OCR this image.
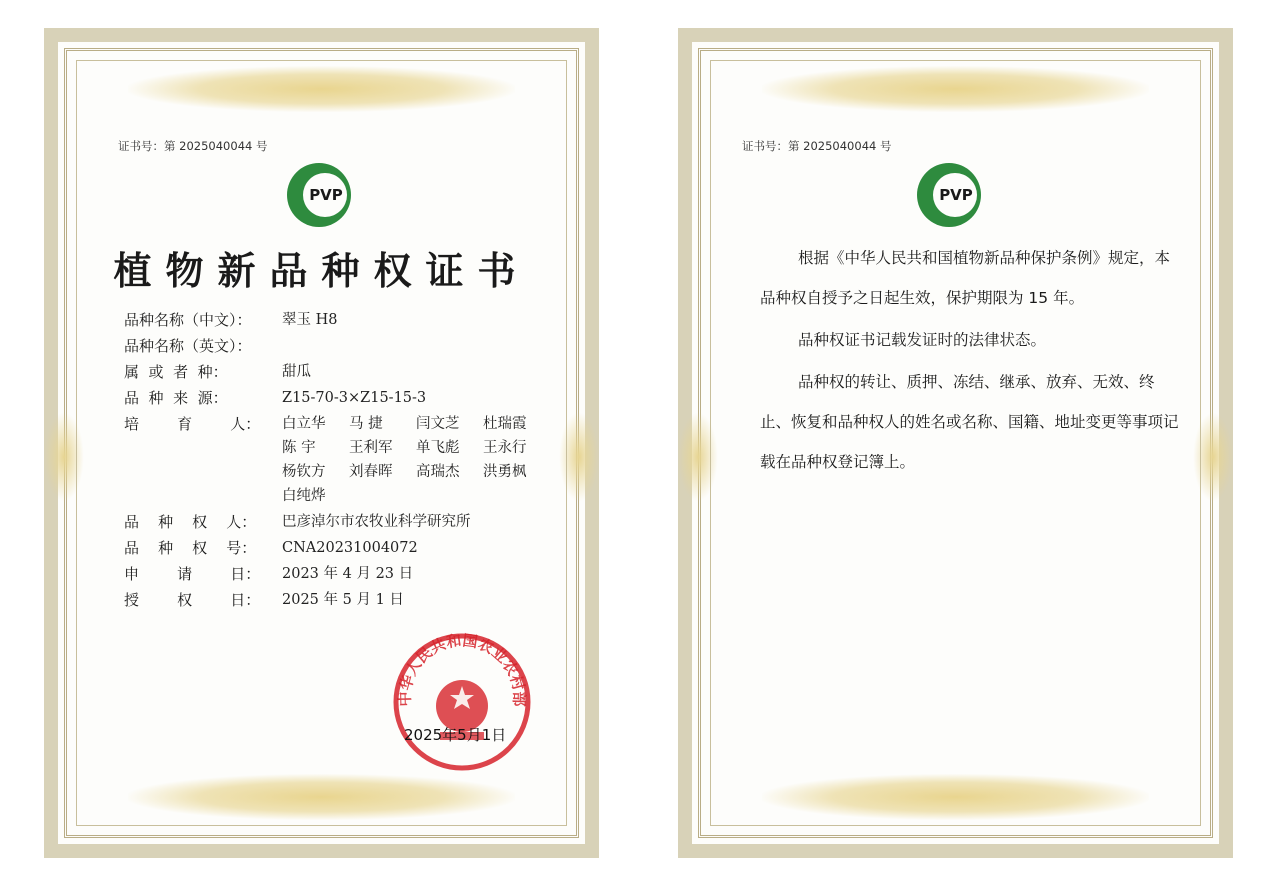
证书号：第 2025040044 号
PVP
植物新品种权证书
品种名称（中文）：	翠玉 H8
品种名称（英文）：
属  或  者  种：	甜瓜
品  种  来  源：	Z15-70-3×Z15-15-3
培        育        人：	白立华	马 捷	闫文芝	杜瑞霞
陈 宇	王利军	单飞彪	王永行
杨钦方	刘春晖	高瑞杰	洪勇枫
白纯烨
品    种    权    人：	巴彦淖尔市农牧业科学研究所
品    种    权    号：	CNA20231004072
申        请        日：	2023 年 4 月 23 日
授        权        日：	2025 年 5 月 1 日
中华人民共和国农业农村部
2025年5月1日
证书号：第 2025040044 号
PVP

根据《中华人民共和国植物新品种保护条例》规定，本品种权自授予之日起生效，保护期限为 15 年。

品种权证书记载发证时的法律状态。

品种权的转让、质押、冻结、继承、放弃、无效、终止、恢复和品种权人的姓名或名称、国籍、地址变更等事项记载在品种权登记簿上。
